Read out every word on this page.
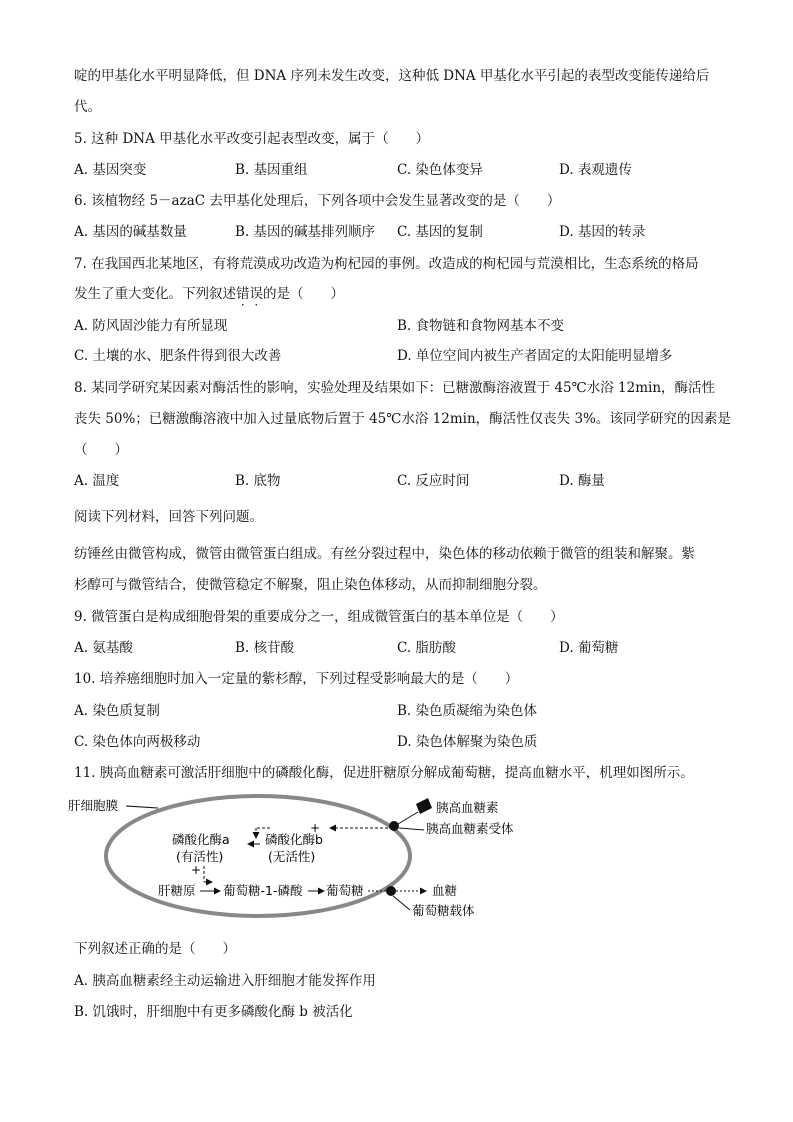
啶的甲基化水平明显降低，但 DNA 序列未发生改变，这种低 DNA 甲基化水平引起的表型改变能传递给后
代。
5. 这种 DNA 甲基化水平改变引起表型改变，属于（　　）
A. 基因突变	B. 基因重组	C. 染色体变异	D. 表观遗传
6. 该植物经 5－azaC 去甲基化处理后，下列各项中会发生显著改变的是（　　）
A. 基因的碱基数量	B. 基因的碱基排列顺序 C. 基因的复制	D. 基因的转录
7. 在我国西北某地区，有将荒漠成功改造为枸杞园的事例。改造成的枸杞园与荒漠相比，生态系统的格局
发生了重大变化。下列叙述错误的是（　　）
A. 防风固沙能力有所显现	B. 食物链和食物网基本不变
C. 土壤的水、肥条件得到很大改善	D. 单位空间内被生产者固定的太阳能明显增多
8. 某同学研究某因素对酶活性的影响，实验处理及结果如下：已糖激酶溶液置于 45℃水浴 12min，酶活性
丧失 50%；已糖激酶溶液中加入过量底物后置于 45℃水浴 12min，酶活性仅丧失 3%。该同学研究的因素是
（　　）
A. 温度	B. 底物	C. 反应时间	D. 酶量
阅读下列材料，回答下列问题。
纺锤丝由微管构成，微管由微管蛋白组成。有丝分裂过程中，染色体的移动依赖于微管的组装和解聚。紫
杉醇可与微管结合，使微管稳定不解聚，阻止染色体移动，从而抑制细胞分裂。
9. 微管蛋白是构成细胞骨架的重要成分之一，组成微管蛋白的基本单位是（　　）
A. 氨基酸	B. 核苷酸	C. 脂肪酸	D. 葡萄糖
10. 培养癌细胞时加入一定量的紫杉醇，下列过程受影响最大的是（　　）
A. 染色质复制	B. 染色质凝缩为染色体
C. 染色体向两极移动	D. 染色体解聚为染色质
11. 胰高血糖素可激活肝细胞中的磷酸化酶，促进肝糖原分解成葡萄糖，提高血糖水平，机理如图所示。
肝细胞膜	胰高血糖素
胰高血糖素受体
+
磷酸化酶a
(有活性)
磷酸化酶b
(无活性)
+
肝糖原 葡萄糖-1-磷酸 葡萄糖	血糖
葡萄糖载体
下列叙述正确的是（　　）
A. 胰高血糖素经主动运输进入肝细胞才能发挥作用
B. 饥饿时，肝细胞中有更多磷酸化酶 b 被活化
